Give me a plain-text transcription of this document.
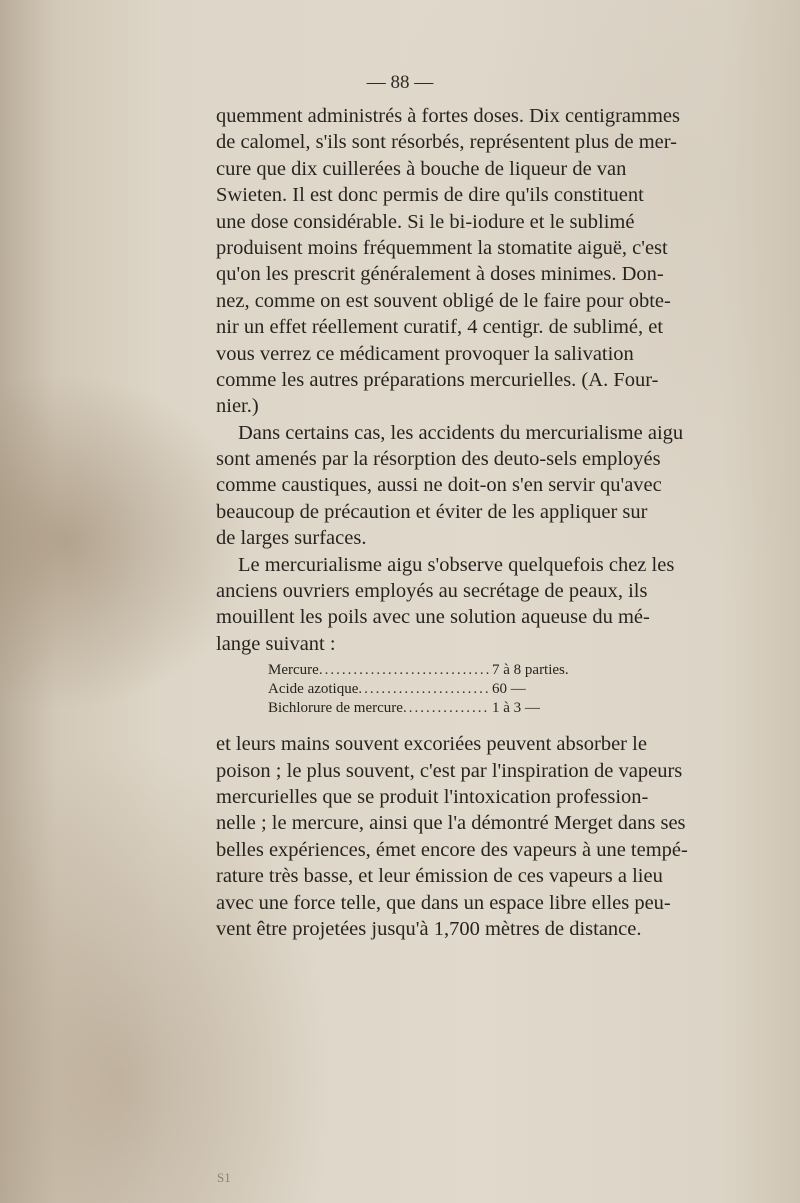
— 88 —
quemment administrés à fortes doses. Dix centigrammes
de calomel, s'ils sont résorbés, représentent plus de mer-
cure que dix cuillerées à bouche de liqueur de van
Swieten. Il est donc permis de dire qu'ils constituent
une dose considérable. Si le bi-iodure et le sublimé
produisent moins fréquemment la stomatite aiguë, c'est
qu'on les prescrit généralement à doses minimes. Don-
nez, comme on est souvent obligé de le faire pour obte-
nir un effet réellement curatif, 4 centigr. de sublimé, et
vous verrez ce médicament provoquer la salivation
comme les autres préparations mercurielles. (A. Four-
nier.)
Dans certains cas, les accidents du mercurialisme aigu
sont amenés par la résorption des deuto-sels employés
comme caustiques, aussi ne doit-on s'en servir qu'avec
beaucoup de précaution et éviter de les appliquer sur
de larges surfaces.
Le mercurialisme aigu s'observe quelquefois chez les
anciens ouvriers employés au secrétage de peaux, ils
mouillent les poils avec une solution aqueuse du mé-
lange suivant :
Mercure .....	7 à 8 parties.
Acide azotique .....	60 —
Bichlorure de mercure .....	1 à 3 —
et leurs mains souvent excoriées peuvent absorber le
poison ; le plus souvent, c'est par l'inspiration de vapeurs
mercurielles que se produit l'intoxication profession-
nelle ; le mercure, ainsi que l'a démontré Merget dans ses
belles expériences, émet encore des vapeurs à une tempé-
rature très basse, et leur émission de ces vapeurs a lieu
avec une force telle, que dans un espace libre elles peu-
vent être projetées jusqu'à 1,700 mètres de distance.
S1
